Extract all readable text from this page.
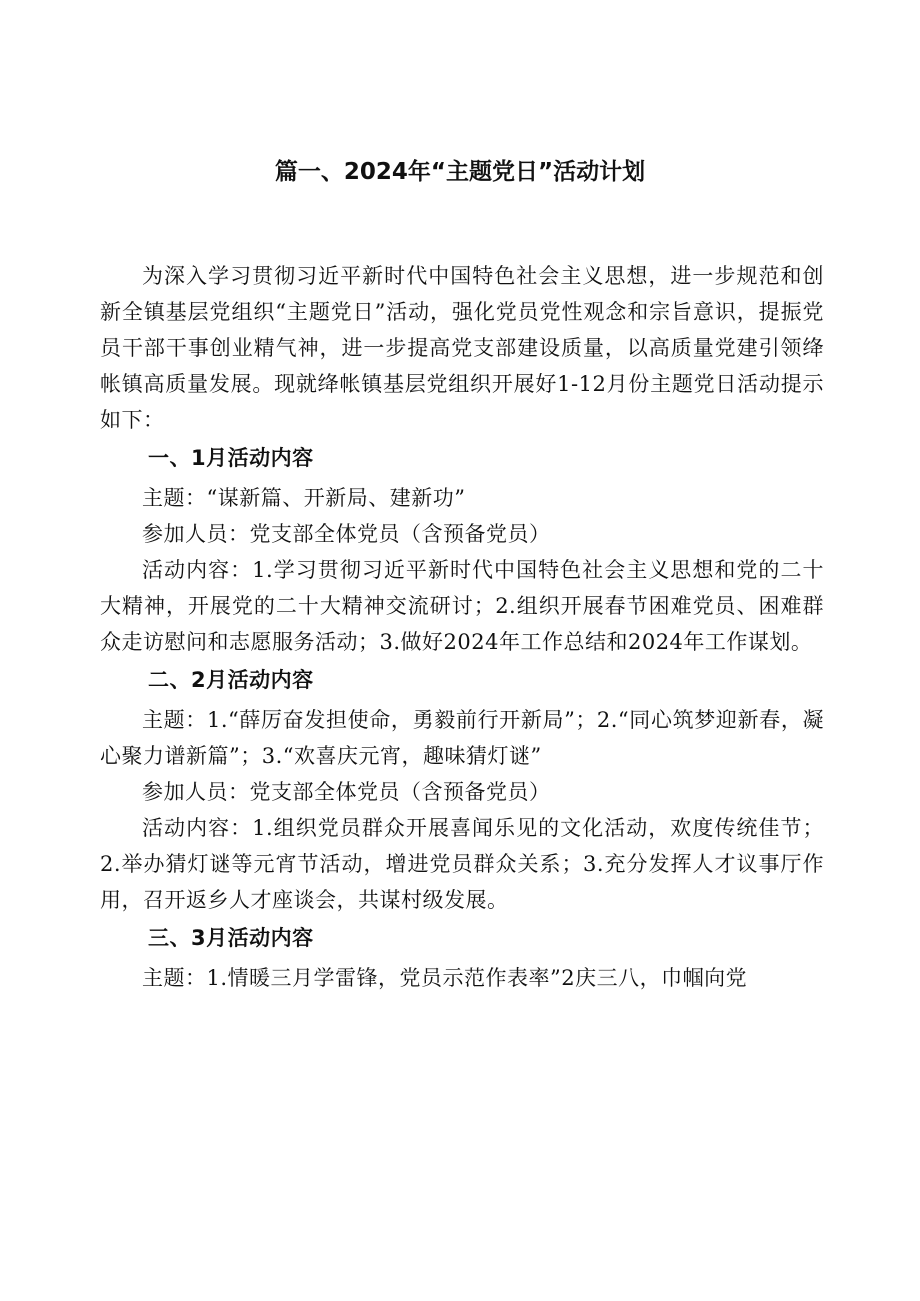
篇一、2024年“主题党日”活动计划

为深入学习贯彻习近平新时代中国特色社会主义思想，进一步规范和创新全镇基层党组织“主题党日”活动，强化党员党性观念和宗旨意识，提振党员干部干事创业精气神，进一步提高党支部建设质量，以高质量党建引领绛帐镇高质量发展。现就绛帐镇基层党组织开展好1-12月份主题党日活动提示如下：

一、1月活动内容

主题：“谋新篇、开新局、建新功”

参加人员：党支部全体党员（含预备党员）

活动内容：1.学习贯彻习近平新时代中国特色社会主义思想和党的二十大精神，开展党的二十大精神交流研讨；2.组织开展春节困难党员、困难群众走访慰问和志愿服务活动；3.做好2024年工作总结和2024年工作谋划。

二、2月活动内容

主题：1.“薛厉奋发担使命，勇毅前行开新局”；2.“同心筑梦迎新春，凝心聚力谱新篇”；3.“欢喜庆元宵，趣味猜灯谜”

参加人员：党支部全体党员（含预备党员）

活动内容：1.组织党员群众开展喜闻乐见的文化活动，欢度传统佳节；2.举办猜灯谜等元宵节活动，增进党员群众关系；3.充分发挥人才议事厅作用，召开返乡人才座谈会，共谋村级发展。

三、3月活动内容

主题：1.情暖三月学雷锋，党员示范作表率”2庆三八，巾帼向党
